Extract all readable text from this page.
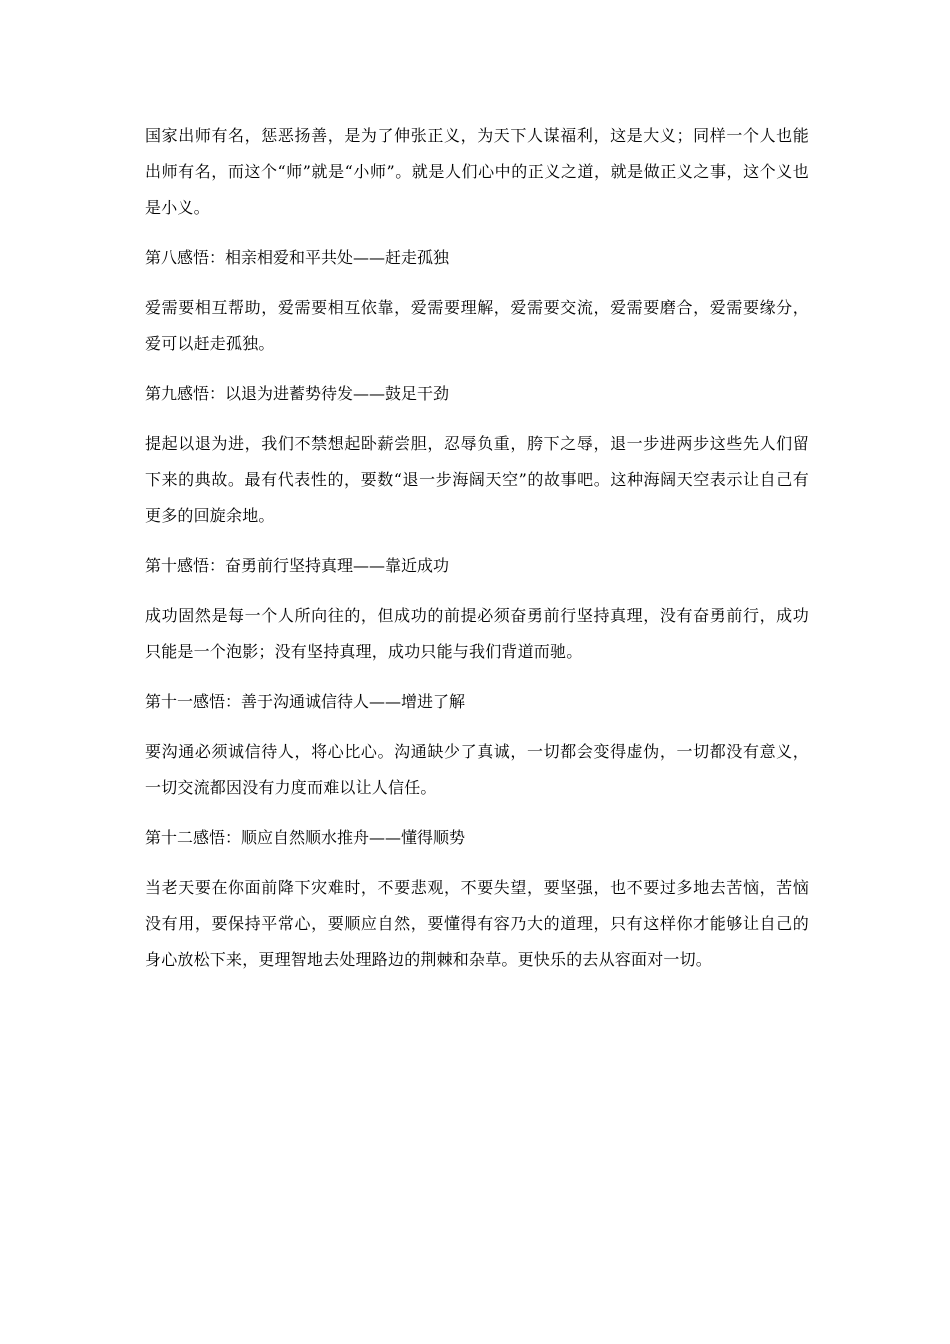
国家出师有名，惩恶扬善，是为了伸张正义，为天下人谋福利，这是大义；同样一个人也能出师有名，而这个“师”就是“小师”。就是人们心中的正义之道，就是做正义之事，这个义也是小义。

第八感悟：相亲相爱和平共处——赶走孤独

爱需要相互帮助，爱需要相互依靠，爱需要理解，爱需要交流，爱需要磨合，爱需要缘分，爱可以赶走孤独。

第九感悟：以退为进蓄势待发——鼓足干劲

提起以退为进，我们不禁想起卧薪尝胆，忍辱负重，胯下之辱，退一步进两步这些先人们留下来的典故。最有代表性的，要数“退一步海阔天空”的故事吧。这种海阔天空表示让自己有更多的回旋余地。

第十感悟：奋勇前行坚持真理——靠近成功

成功固然是每一个人所向往的，但成功的前提必须奋勇前行坚持真理，没有奋勇前行，成功只能是一个泡影；没有坚持真理，成功只能与我们背道而驰。

第十一感悟：善于沟通诚信待人——增进了解

要沟通必须诚信待人，将心比心。沟通缺少了真诚，一切都会变得虚伪，一切都没有意义，一切交流都因没有力度而难以让人信任。

第十二感悟：顺应自然顺水推舟——懂得顺势

当老天要在你面前降下灾难时，不要悲观，不要失望，要坚强，也不要过多地去苦恼，苦恼没有用，要保持平常心，要顺应自然，要懂得有容乃大的道理，只有这样你才能够让自己的身心放松下来，更理智地去处理路边的荆棘和杂草。更快乐的去从容面对一切。
